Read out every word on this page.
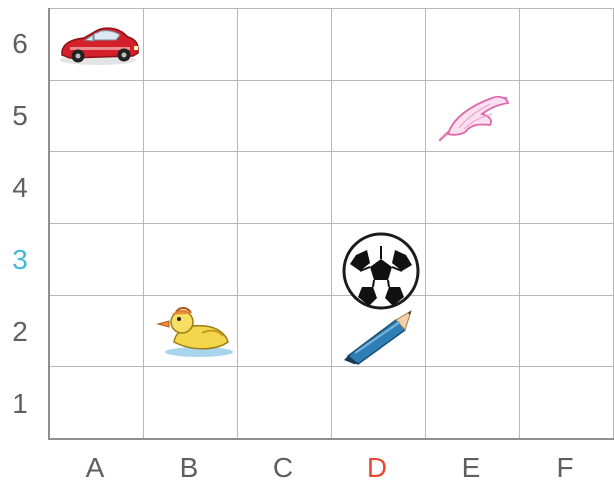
6
5
4
3
2
1
A	B	C	D	E	F
